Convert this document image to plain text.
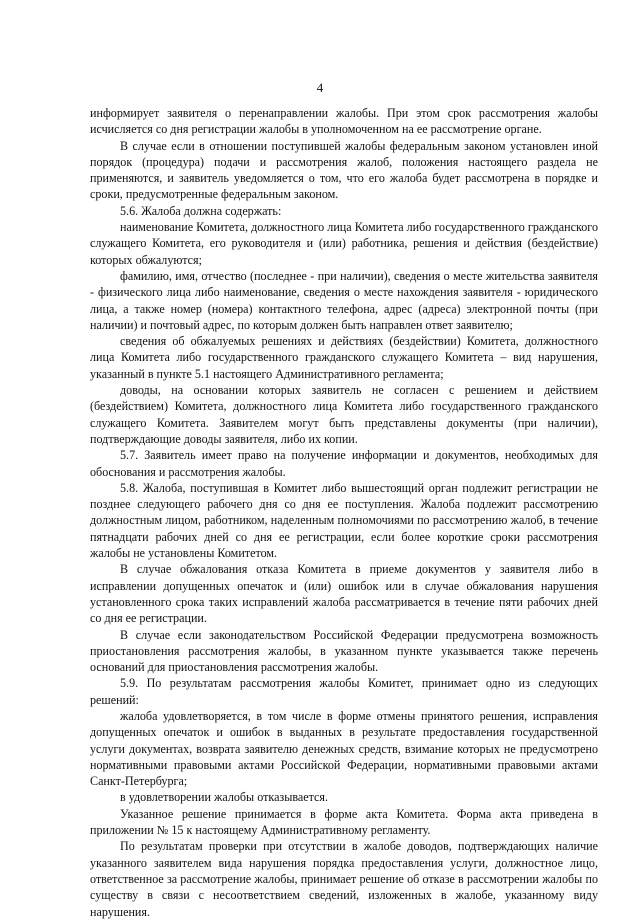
4

информирует заявителя о перенаправлении жалобы. При этом срок рассмотрения жалобы исчисляется со дня регистрации жалобы в уполномоченном на ее рассмотрение органе.

В случае если в отношении поступившей жалобы федеральным законом установлен иной порядок (процедура) подачи и рассмотрения жалоб, положения настоящего раздела не применяются, и заявитель уведомляется о том, что его жалоба будет рассмотрена в порядке и сроки, предусмотренные федеральным законом.

5.6. Жалоба должна содержать:

наименование Комитета, должностного лица Комитета либо государственного гражданского служащего Комитета, его руководителя и (или) работника, решения и действия (бездействие) которых обжалуются;

фамилию, имя, отчество (последнее - при наличии), сведения о месте жительства заявителя - физического лица либо наименование, сведения о месте нахождения заявителя - юридического лица, а также номер (номера) контактного телефона, адрес (адреса) электронной почты (при наличии) и почтовый адрес, по которым должен быть направлен ответ заявителю;

сведения об обжалуемых решениях и действиях (бездействии) Комитета, должностного лица Комитета либо государственного гражданского служащего Комитета – вид нарушения, указанный в пункте 5.1 настоящего Административного регламента;

доводы, на основании которых заявитель не согласен с решением и действием (бездействием) Комитета, должностного лица Комитета либо государственного гражданского служащего Комитета. Заявителем могут быть представлены документы (при наличии), подтверждающие доводы заявителя, либо их копии.

5.7. Заявитель имеет право на получение информации и документов, необходимых для обоснования и рассмотрения жалобы.

5.8. Жалоба, поступившая в Комитет либо вышестоящий орган подлежит регистрации не позднее следующего рабочего дня со дня ее поступления. Жалоба подлежит рассмотрению должностным лицом, работником, наделенным полномочиями по рассмотрению жалоб, в течение пятнадцати рабочих дней со дня ее регистрации, если более короткие сроки рассмотрения жалобы не установлены Комитетом.

В случае обжалования отказа Комитета в приеме документов у заявителя либо в исправлении допущенных опечаток и (или) ошибок или в случае обжалования нарушения установленного срока таких исправлений жалоба рассматривается в течение пяти рабочих дней со дня ее регистрации.

В случае если законодательством Российской Федерации предусмотрена возможность приостановления рассмотрения жалобы, в указанном пункте указывается также перечень оснований для приостановления рассмотрения жалобы.

5.9. По результатам рассмотрения жалобы Комитет, принимает одно из следующих решений:

жалоба удовлетворяется, в том числе в форме отмены принятого решения, исправления допущенных опечаток и ошибок в выданных в результате предоставления государственной услуги документах, возврата заявителю денежных средств, взимание которых не предусмотрено нормативными правовыми актами Российской Федерации, нормативными правовыми актами Санкт-Петербурга;

в удовлетворении жалобы отказывается.

Указанное решение принимается в форме акта Комитета. Форма акта приведена в приложении № 15 к настоящему Административному регламенту.

По результатам проверки при отсутствии в жалобе доводов, подтверждающих наличие указанного заявителем вида нарушения порядка предоставления услуги, должностное лицо, ответственное за рассмотрение жалобы, принимает решение об отказе в рассмотрении жалобы по существу в связи с несоответствием сведений, изложенных в жалобе, указанному виду нарушения.
